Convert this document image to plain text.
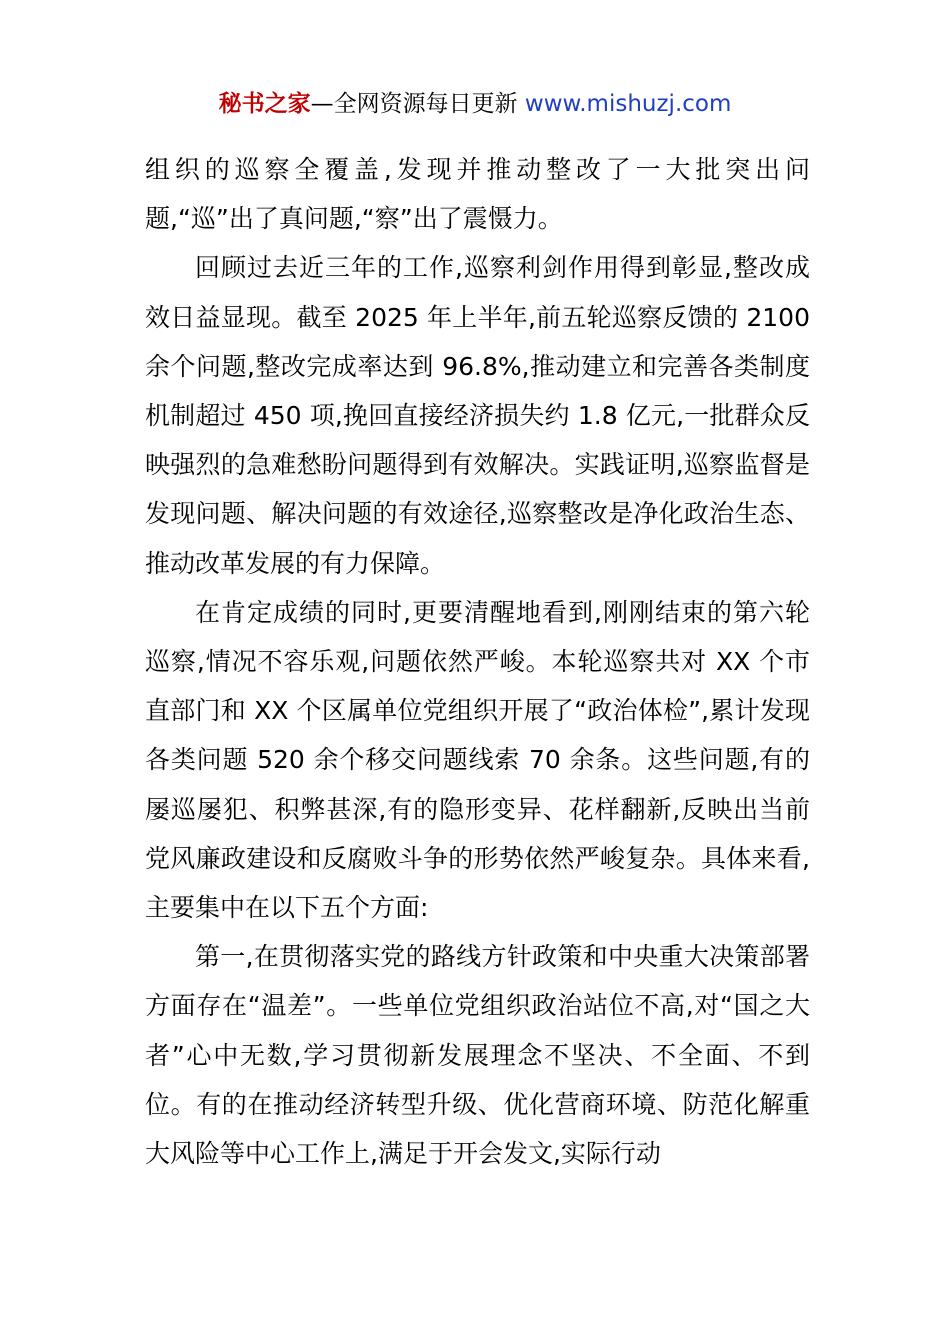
秘书之家—全网资源每日更新 www.mishuzj.com

组织的巡察全覆盖,发现并推动整改了一大批突出问题,“巡”出了真问题,“察”出了震慑力。

回顾过去近三年的工作,巡察利剑作用得到彰显,整改成效日益显现。截至 2025 年上半年,前五轮巡察反馈的 2100 余个问题,整改完成率达到 96.8%,推动建立和完善各类制度机制超过 450 项,挽回直接经济损失约 1.8 亿元,一批群众反映强烈的急难愁盼问题得到有效解决。实践证明,巡察监督是发现问题、解决问题的有效途径,巡察整改是净化政治生态、推动改革发展的有力保障。

在肯定成绩的同时,更要清醒地看到,刚刚结束的第六轮巡察,情况不容乐观,问题依然严峻。本轮巡察共对 XX 个市直部门和 XX 个区属单位党组织开展了“政治体检”,累计发现各类问题 520 余个移交问题线索 70 余条。这些问题,有的屡巡屡犯、积弊甚深,有的隐形变异、花样翻新,反映出当前党风廉政建设和反腐败斗争的形势依然严峻复杂。具体来看,主要集中在以下五个方面:

第一,在贯彻落实党的路线方针政策和中央重大决策部署方面存在“温差”。一些单位党组织政治站位不高,对“国之大者”心中无数,学习贯彻新发展理念不坚决、不全面、不到位。有的在推动经济转型升级、优化营商环境、防范化解重大风险等中心工作上,满足于开会发文,实际行动
